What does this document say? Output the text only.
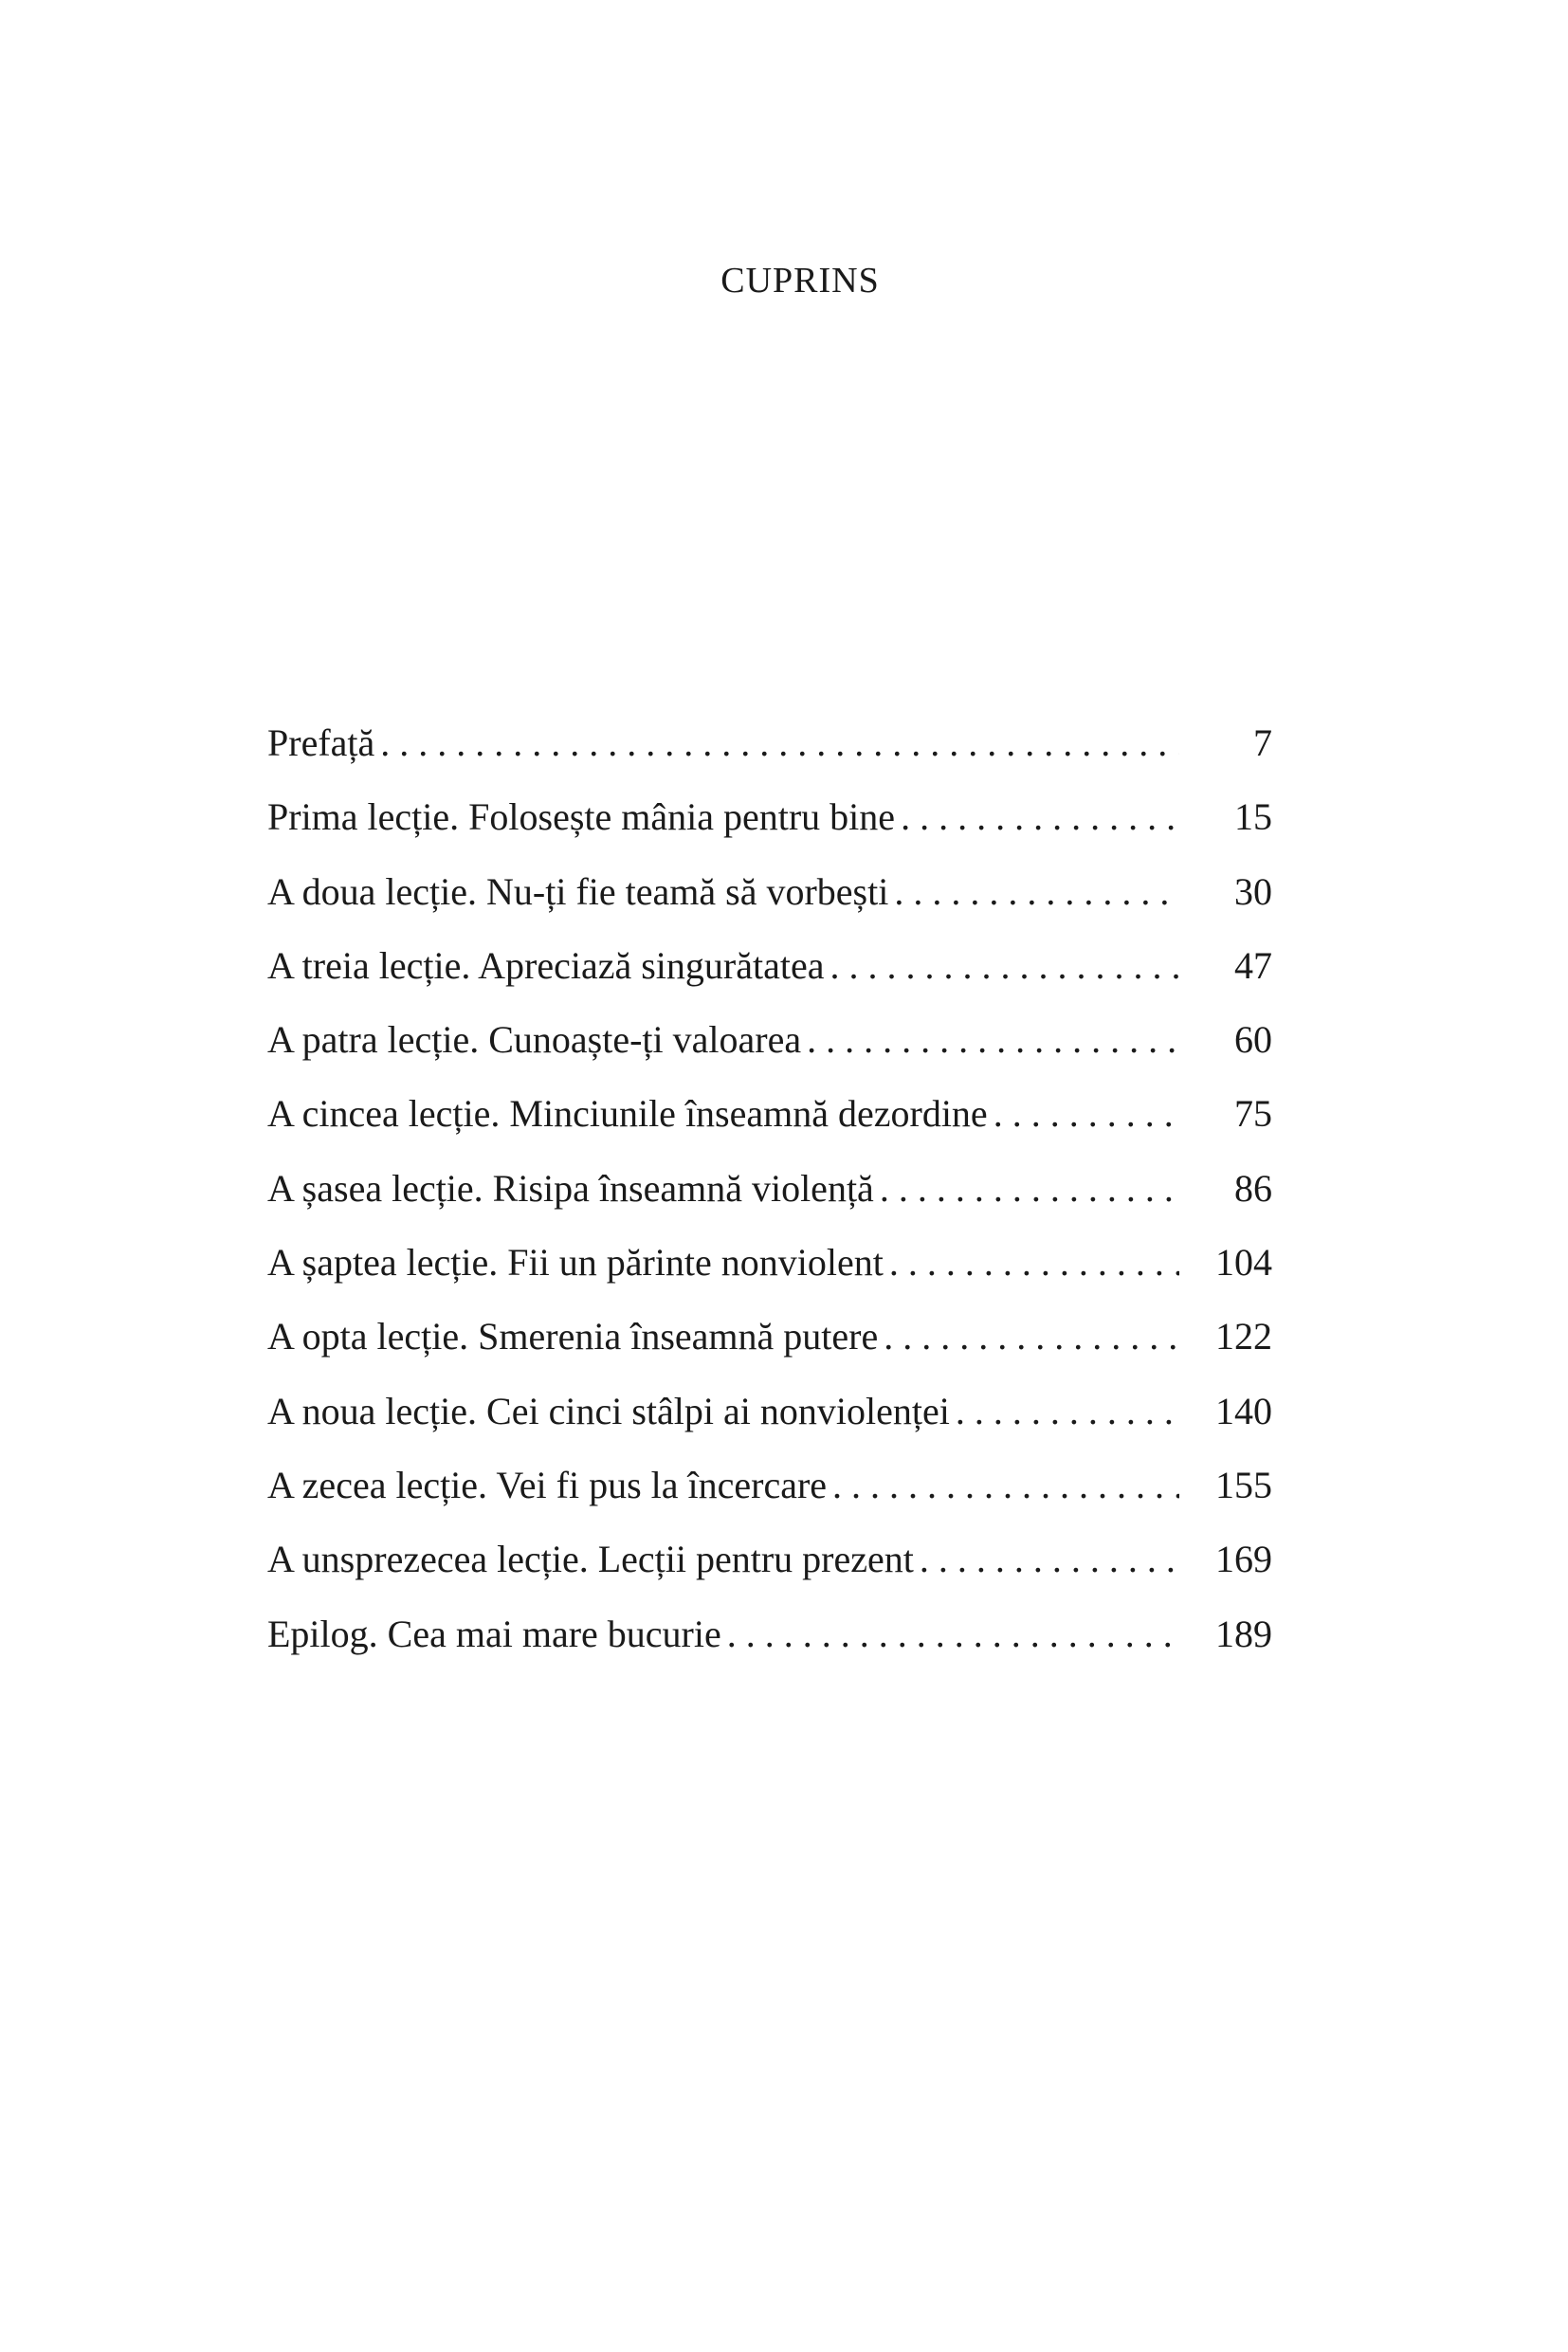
CUPRINS
Prefață . . .	7
Prima lecție. Folosește mânia pentru bine . . .	15
A doua lecție. Nu-ți fie teamă să vorbești . . .	30
A treia lecție. Apreciază singurătatea . . .	47
A patra lecție. Cunoaște-ți valoarea . . .	60
A cincea lecție. Minciunile înseamnă dezordine . . .	75
A șasea lecție. Risipa înseamnă violență . . .	86
A șaptea lecție. Fii un părinte nonviolent . . .	104
A opta lecție. Smerenia înseamnă putere . . .	122
A noua lecție. Cei cinci stâlpi ai nonviolenței . . .	140
A zecea lecție. Vei fi pus la încercare . . .	155
A unsprezecea lecție. Lecții pentru prezent . . .	169
Epilog. Cea mai mare bucurie . . .	189
